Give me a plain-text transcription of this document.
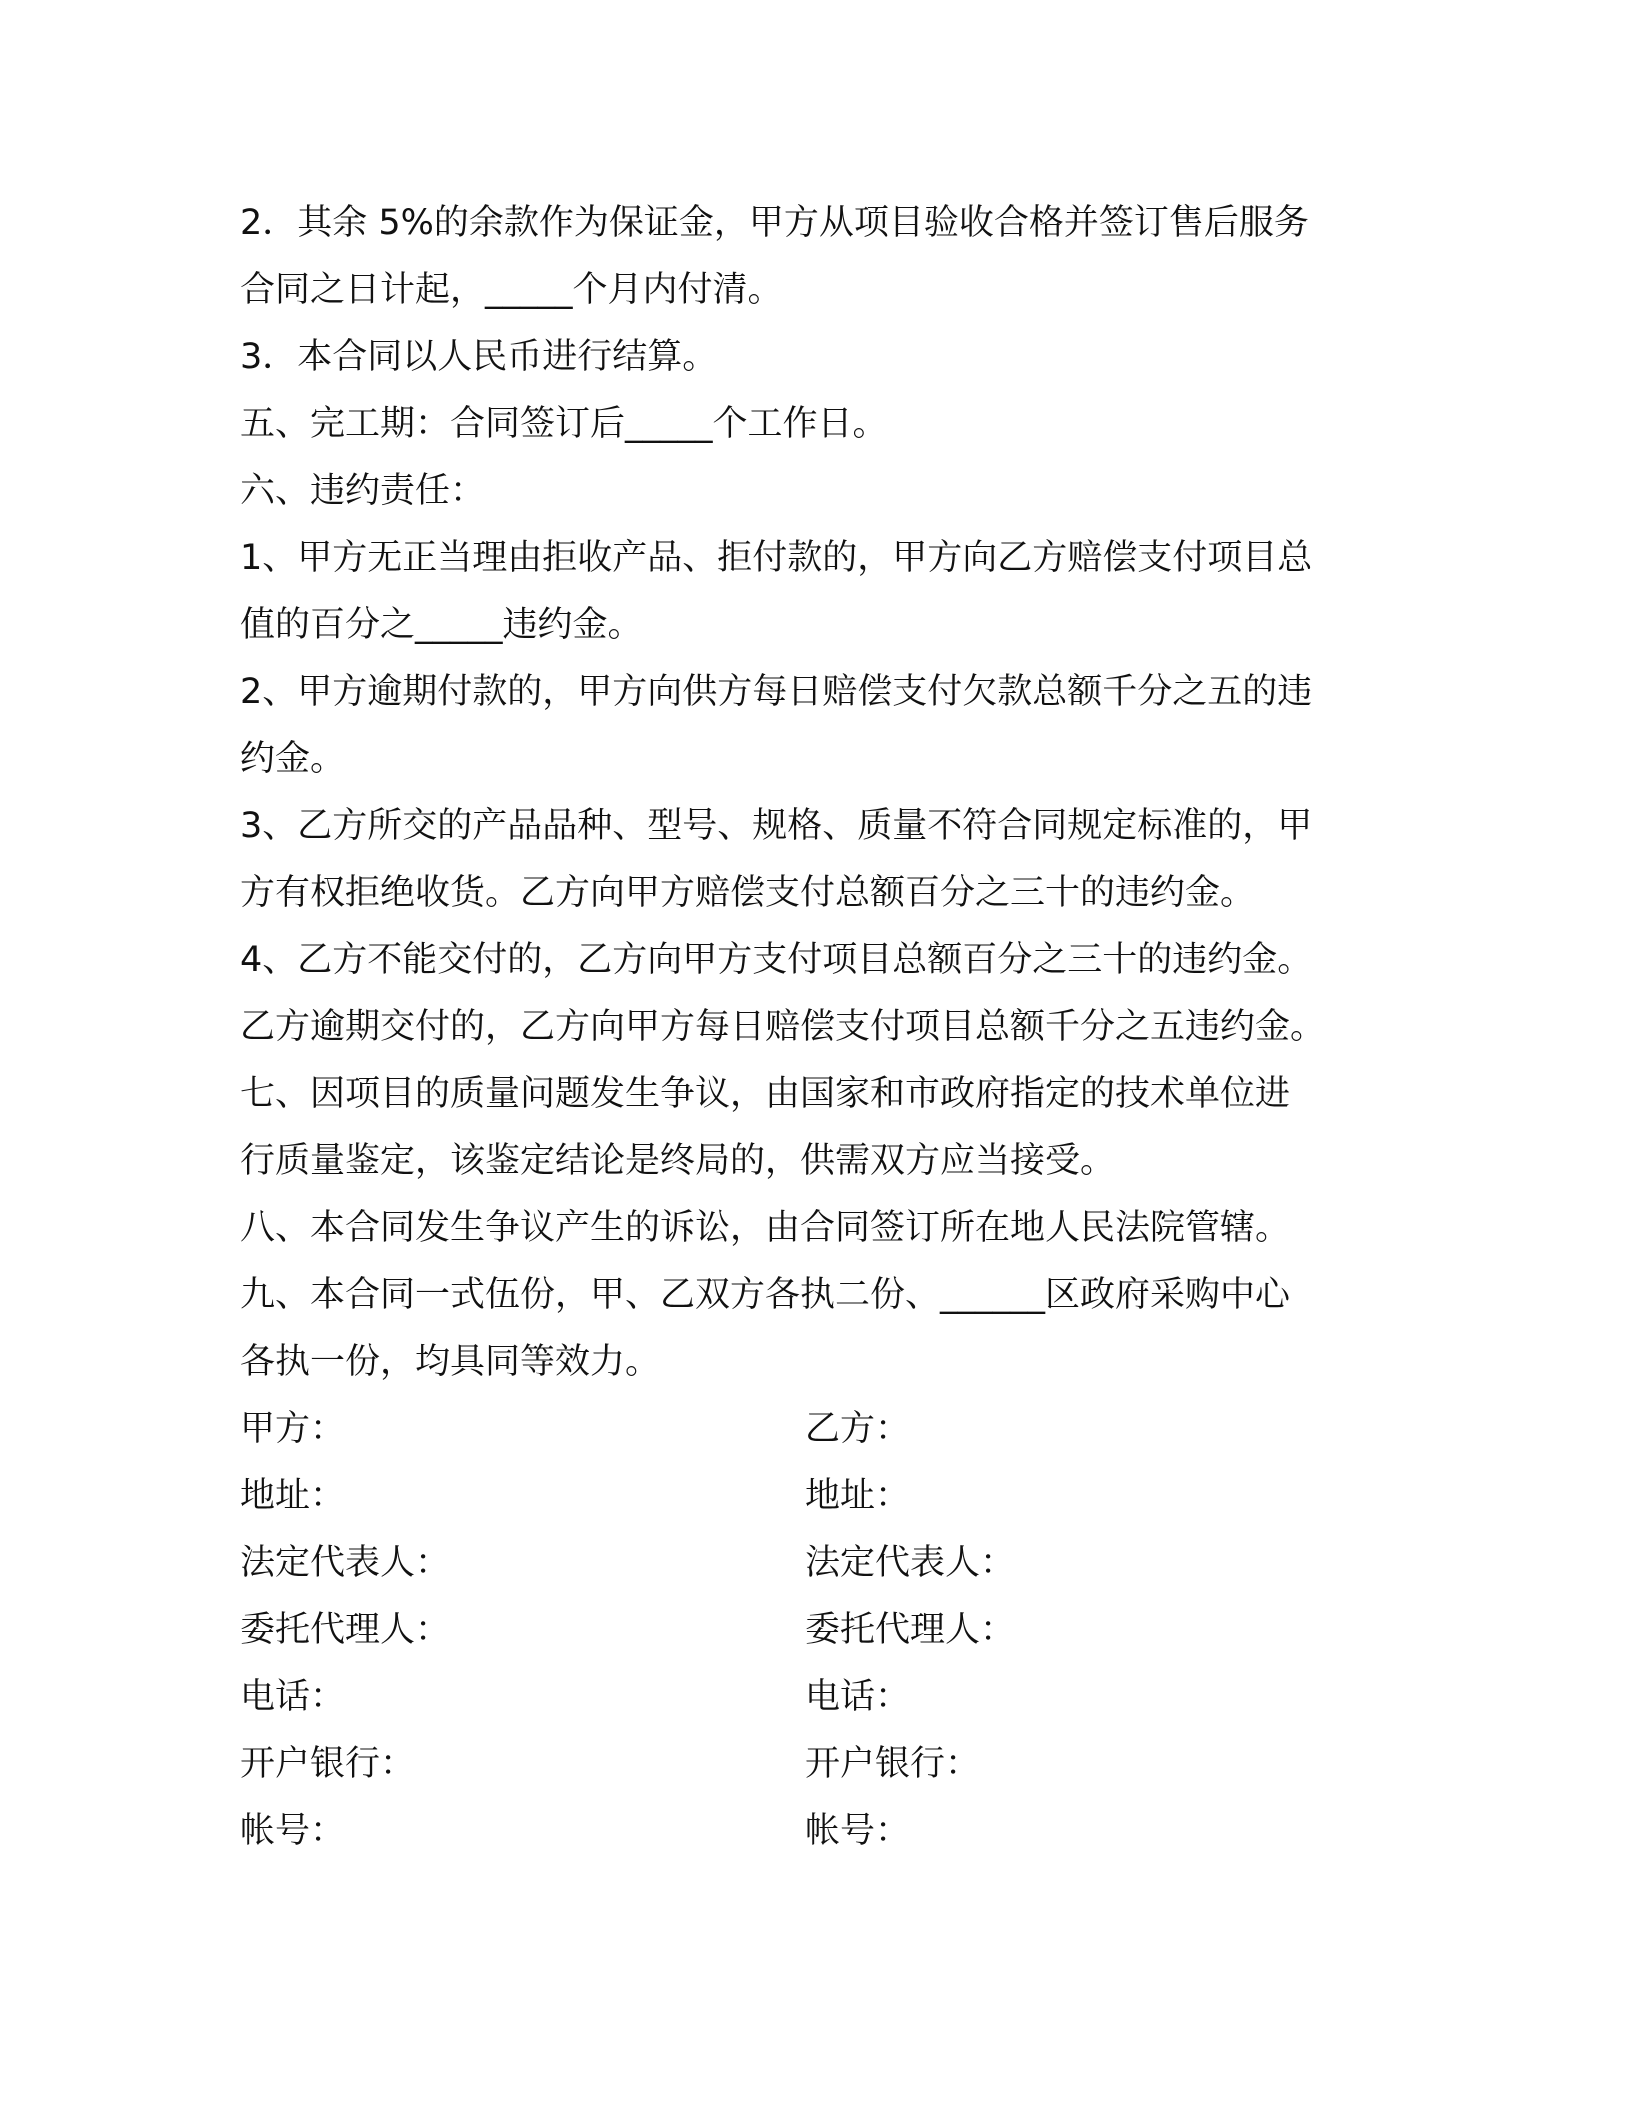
2．其余 5%的余款作为保证金，甲方从项目验收合格并签订售后服务
合同之日计起，_____个月内付清。
3．本合同以人民币进行结算。
五、完工期：合同签订后_____个工作日。
六、违约责任：
1、甲方无正当理由拒收产品、拒付款的，甲方向乙方赔偿支付项目总
值的百分之_____违约金。
2、甲方逾期付款的，甲方向供方每日赔偿支付欠款总额千分之五的违
约金。
3、乙方所交的产品品种、型号、规格、质量不符合同规定标准的，甲
方有权拒绝收货。乙方向甲方赔偿支付总额百分之三十的违约金。
4、乙方不能交付的，乙方向甲方支付项目总额百分之三十的违约金。
乙方逾期交付的，乙方向甲方每日赔偿支付项目总额千分之五违约金。
七、因项目的质量问题发生争议，由国家和市政府指定的技术单位进
行质量鉴定，该鉴定结论是终局的，供需双方应当接受。
八、本合同发生争议产生的诉讼，由合同签订所在地人民法院管辖。
九、本合同一式伍份，甲、乙双方各执二份、______区政府采购中心
各执一份，均具同等效力。
甲方：	乙方：
地址：	地址：
法定代表人：	法定代表人：
委托代理人：	委托代理人：
电话：	电话：
开户银行：	开户银行：
帐号：	帐号：
